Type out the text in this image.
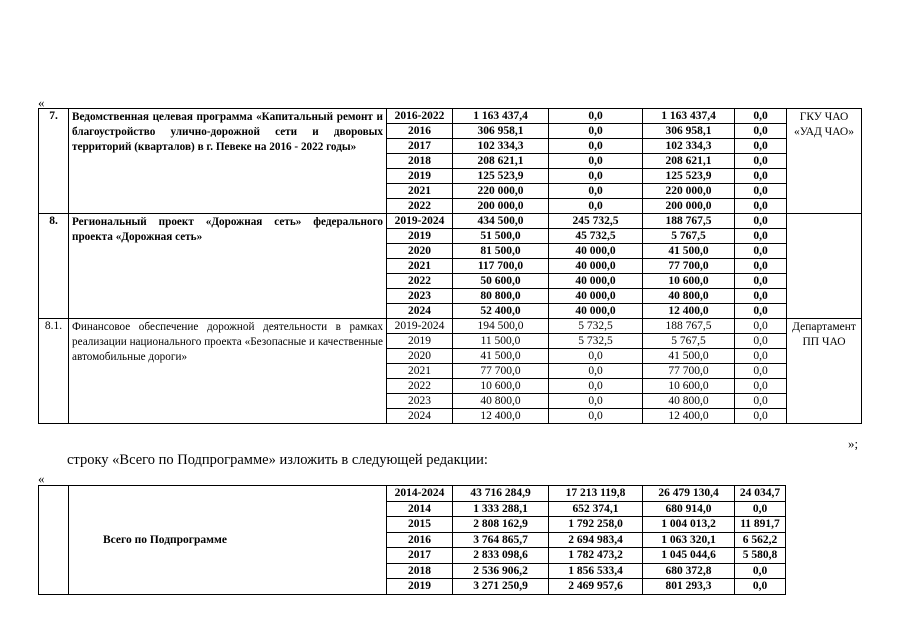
«
7.	Ведомственная целевая программа «Капитальный ремонт и благоустройство улично-дорожной сети и дворовых территорий (кварталов) в г. Певеке на 2016 - 2022 годы»	2016-2022	1 163 437,4	0,0	1 163 437,4	0,0	ГКУ ЧАО «УАД ЧАО»
		2016	306 958,1	0,0	306 958,1	0,0	
		2017	102 334,3	0,0	102 334,3	0,0	
		2018	208 621,1	0,0	208 621,1	0,0	
		2019	125 523,9	0,0	125 523,9	0,0	
		2021	220 000,0	0,0	220 000,0	0,0	
		2022	200 000,0	0,0	200 000,0	0,0	
8.	Региональный проект «Дорожная сеть» федерального проекта «Дорожная сеть»	2019-2024	434 500,0	245 732,5	188 767,5	0,0	
		2019	51 500,0	45 732,5	5 767,5	0,0	
		2020	81 500,0	40 000,0	41 500,0	0,0	
		2021	117 700,0	40 000,0	77 700,0	0,0	
		2022	50 600,0	40 000,0	10 600,0	0,0	
		2023	80 800,0	40 000,0	40 800,0	0,0	
		2024	52 400,0	40 000,0	12 400,0	0,0	
8.1.	Финансовое обеспечение дорожной деятельности в рамках реализации национального проекта «Безопасные и качественные автомобильные дороги»	2019-2024	194 500,0	5 732,5	188 767,5	0,0	Департамент ПП ЧАО
		2019	11 500,0	5 732,5	5 767,5	0,0	
		2020	41 500,0	0,0	41 500,0	0,0	
		2021	77 700,0	0,0	77 700,0	0,0	
		2022	10 600,0	0,0	10 600,0	0,0	
		2023	40 800,0	0,0	40 800,0	0,0	
		2024	12 400,0	0,0	12 400,0	0,0	
»;
строку «Всего по Подпрограмме» изложить в следующей редакции:
«
	Всего по Подпрограмме	2014-2024	43 716 284,9	17 213 119,8	26 479 130,4	24 034,7
		2014	1 333 288,1	652 374,1	680 914,0	0,0
		2015	2 808 162,9	1 792 258,0	1 004 013,2	11 891,7
		2016	3 764 865,7	2 694 983,4	1 063 320,1	6 562,2
		2017	2 833 098,6	1 782 473,2	1 045 044,6	5 580,8
		2018	2 536 906,2	1 856 533,4	680 372,8	0,0
		2019	3 271 250,9	2 469 957,6	801 293,3	0,0
